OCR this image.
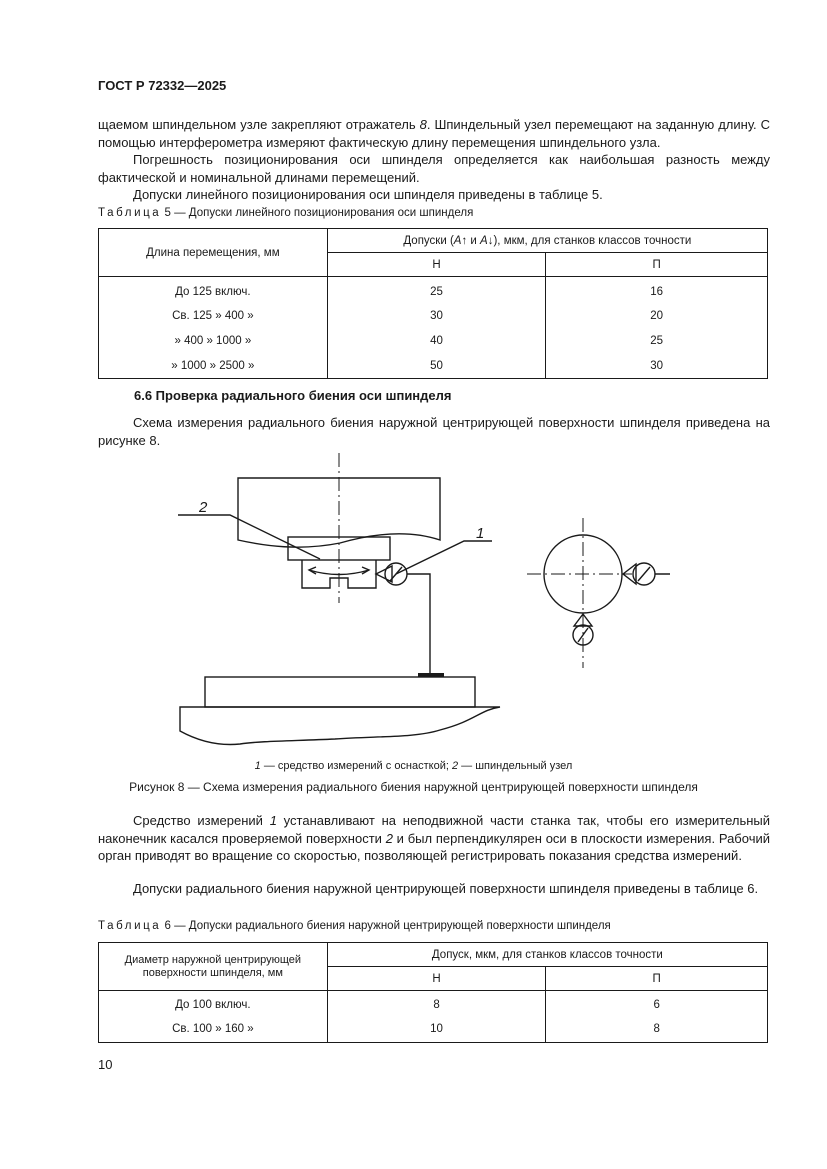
ГОСТ Р 72332—2025
щаемом шпиндельном узле закрепляют отражатель 8. Шпиндельный узел перемещают на заданную длину. С помощью интерферометра измеряют фактическую длину перемещения шпиндельного узла.
Погрешность позиционирования оси шпинделя определяется как наибольшая разность между фактической и номинальной длинами перемещений.
Допуски линейного позиционирования оси шпинделя приведены в таблице 5.
Таблица 5 — Допуски линейного позиционирования оси шпинделя
Длина перемещения, мм	Допуски (A↑ и A↓), мкм, для станков классов точности	
	Н	П
До 125 включ.	25	16
Св. 125 » 400 »	30	20
» 400 » 1000 »	40	25
» 1000 » 2500 »	50	30
6.6 Проверка радиального биения оси шпинделя
Схема измерения радиального биения наружной центрирующей поверхности шпинделя приведена на рисунке 8.
2
1
1 — средство измерений с оснасткой; 2 — шпиндельный узел
Рисунок 8 — Схема измерения радиального биения наружной центрирующей поверхности шпинделя
Средство измерений 1 устанавливают на неподвижной части станка так, чтобы его измерительный наконечник касался проверяемой поверхности 2 и был перпендикулярен оси в плоскости измерения. Рабочий орган приводят во вращение со скоростью, позволяющей регистрировать показания средства измерений.
Допуски радиального биения наружной центрирующей поверхности шпинделя приведены в таблице 6.
Таблица 6 — Допуски радиального биения наружной центрирующей поверхности шпинделя
Диаметр наружной центрирующей поверхности шпинделя, мм	Допуск, мкм, для станков классов точности	
	Н	П
До 100 включ.	8	6
Св. 100 » 160 »	10	8
10
